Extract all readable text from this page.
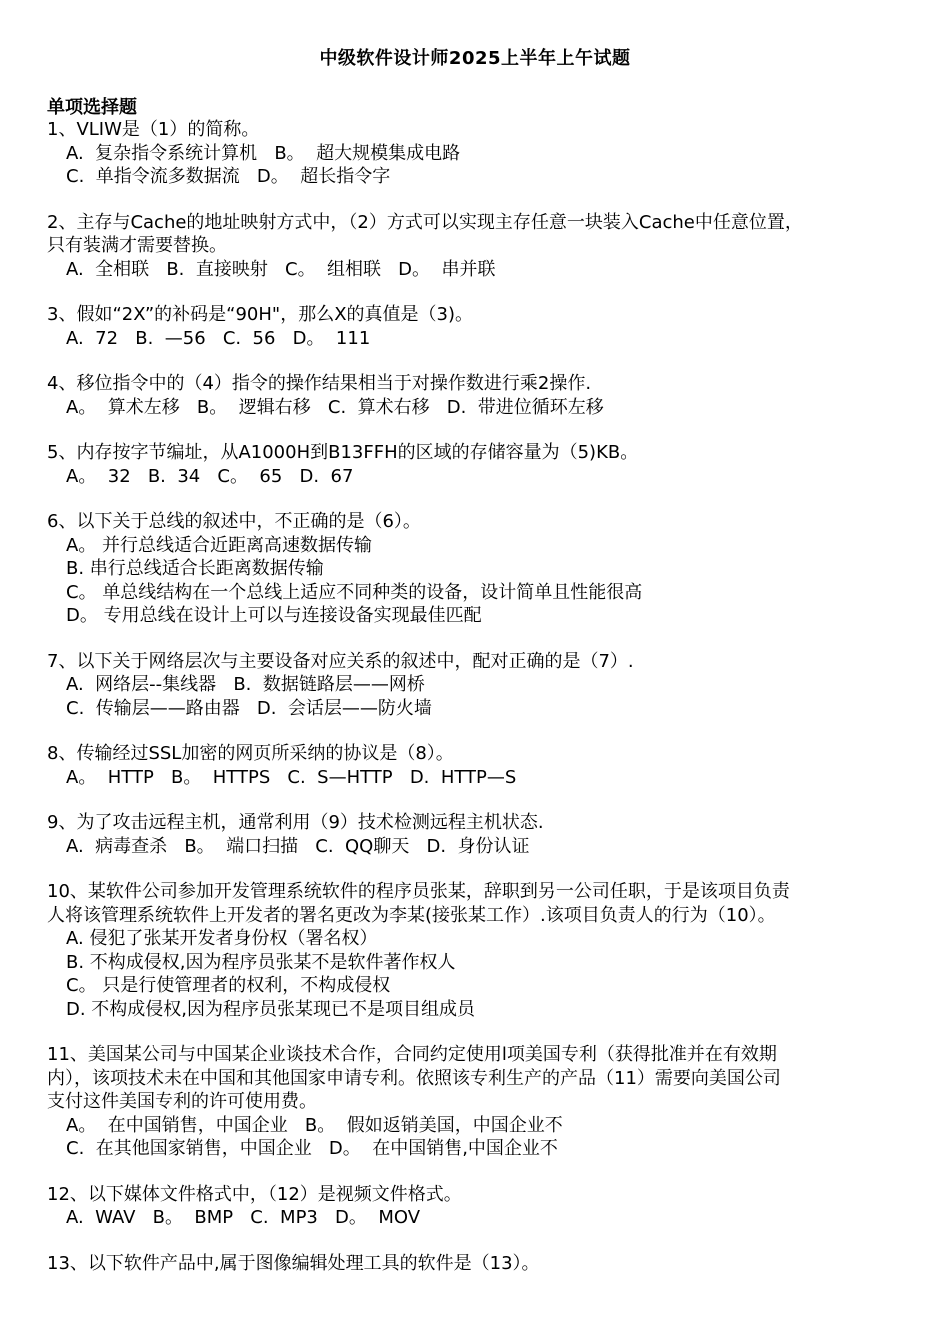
中级软件设计师2025上半年上午试题
单项选择题
1、VLIW是（1）的简称。
A.  复杂指令系统计算机   B。  超大规模集成电路
C.  单指令流多数据流   D。  超长指令字
2、主存与Cache的地址映射方式中，（2）方式可以实现主存任意一块装入Cache中任意位置，
只有装满才需要替换。
A.  全相联   B.  直接映射   C。  组相联   D。  串并联
3、假如“2X”的补码是“90H"，那么X的真值是（3)。
A.  72   B.  —56   C.  56   D。  111
4、移位指令中的（4）指令的操作结果相当于对操作数进行乘2操作.
A。  算术左移   B。  逻辑右移   C.  算术右移   D.  带进位循环左移
5、内存按字节编址，从A1000H到B13FFH的区域的存储容量为（5)KB。
A。  32   B.  34   C。  65   D.  67
6、以下关于总线的叙述中，不正确的是（6）。
A。 并行总线适合近距离高速数据传输
B. 串行总线适合长距离数据传输
C。 单总线结构在一个总线上适应不同种类的设备，设计简单且性能很高
D。 专用总线在设计上可以与连接设备实现最佳匹配
7、以下关于网络层次与主要设备对应关系的叙述中，配对正确的是（7）.
A.  网络层--集线器   B.  数据链路层——网桥
C.  传输层——路由器   D.  会话层——防火墙
8、传输经过SSL加密的网页所采纳的协议是（8）。
A。  HTTP   B。  HTTPS   C.  S—HTTP   D.  HTTP—S
9、为了攻击远程主机，通常利用（9）技术检测远程主机状态.
A.  病毒查杀   B。  端口扫描   C.  QQ聊天   D.  身份认证
10、某软件公司参加开发管理系统软件的程序员张某，辞职到另一公司任职，于是该项目负责
人将该管理系统软件上开发者的署名更改为李某(接张某工作）.该项目负责人的行为（10）。
A. 侵犯了张某开发者身份权（署名权）
B. 不构成侵权,因为程序员张某不是软件著作权人
C。 只是行使管理者的权利，不构成侵权
D. 不构成侵权,因为程序员张某现已不是项目组成员
11、美国某公司与中国某企业谈技术合作，合同约定使用l项美国专利（获得批准并在有效期
内），该项技术未在中国和其他国家申请专利。依照该专利生产的产品（11）需要向美国公司
支付这件美国专利的许可使用费。
A。  在中国销售，中国企业   B。  假如返销美国，中国企业不
C.  在其他国家销售，中国企业   D。  在中国销售,中国企业不
12、以下媒体文件格式中，（12）是视频文件格式。
A.  WAV   B。  BMP   C.  MP3   D。  MOV
13、以下软件产品中,属于图像编辑处理工具的软件是（13）。
